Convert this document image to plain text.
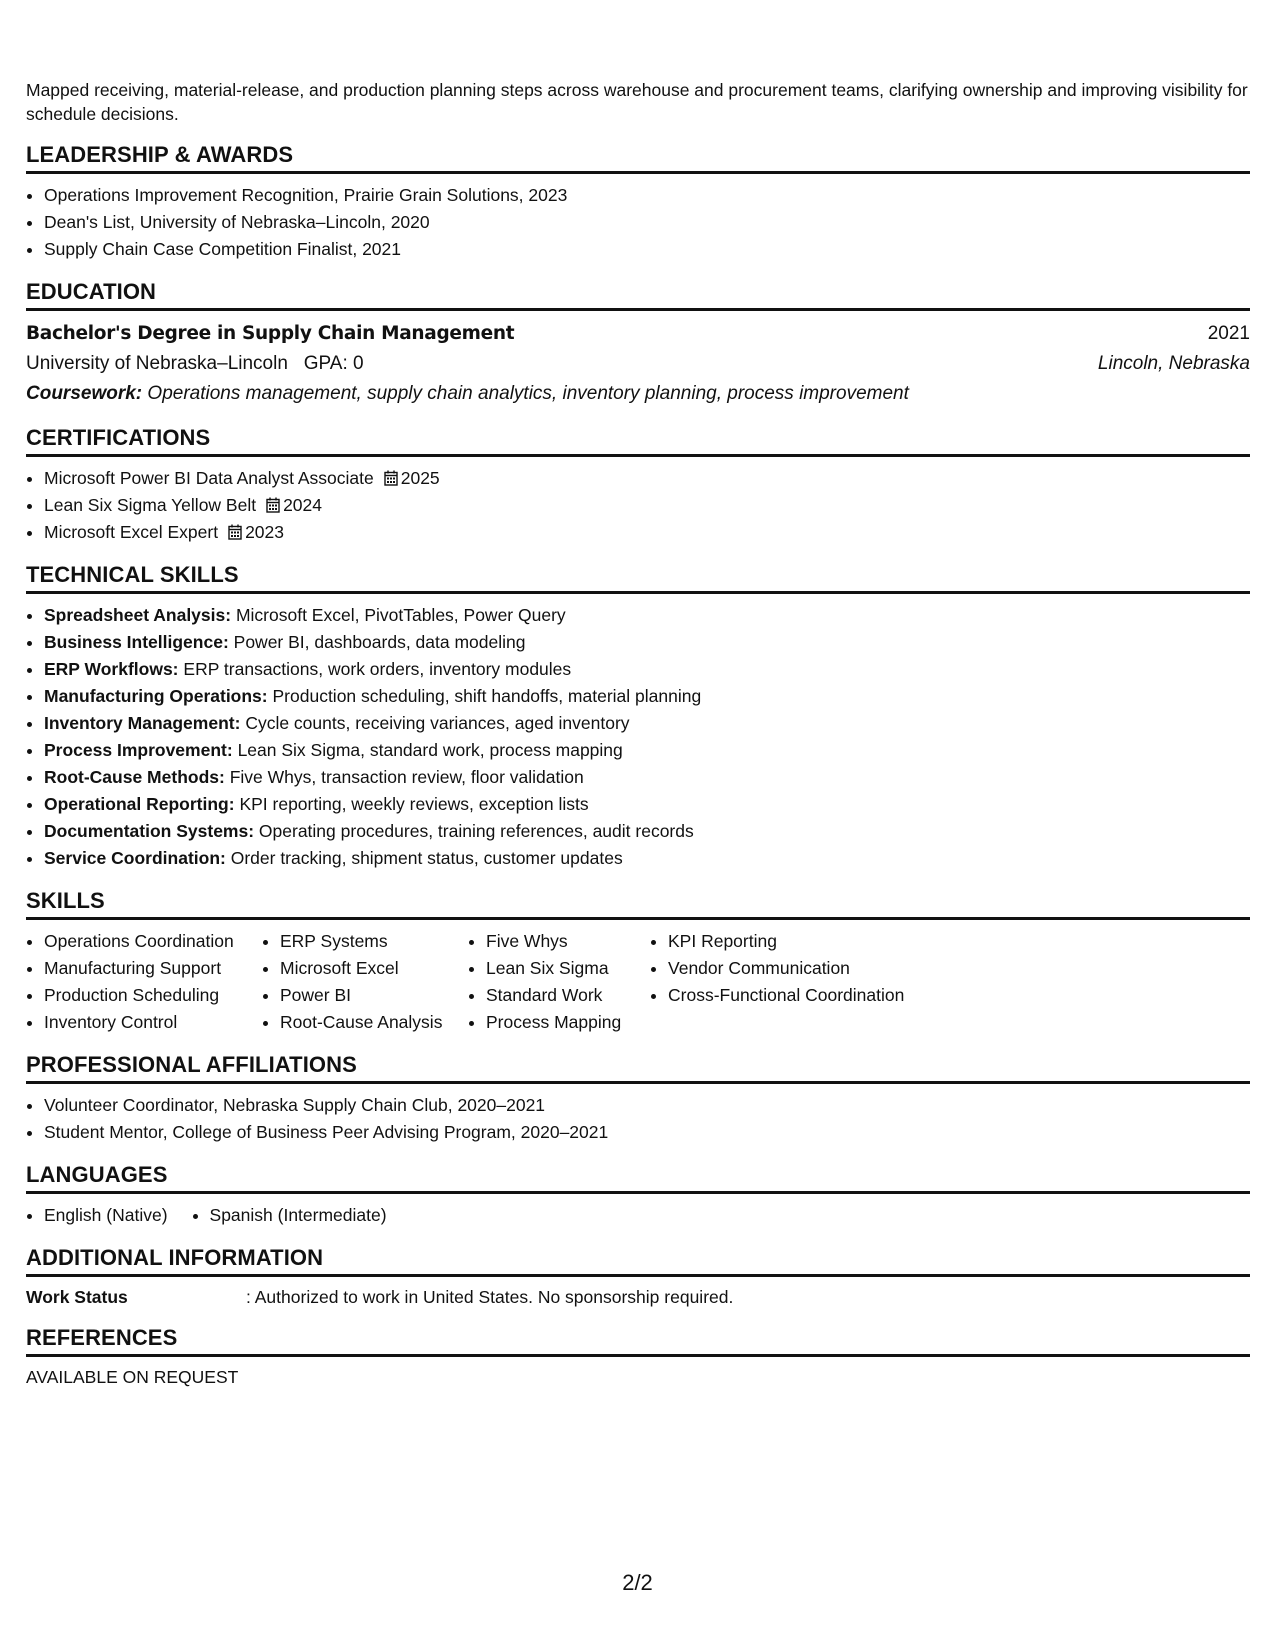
Mapped receiving, material-release, and production planning steps across warehouse and procurement teams, clarifying ownership and improving visibility for schedule decisions.

LEADERSHIP & AWARDS
• Operations Improvement Recognition, Prairie Grain Solutions, 2023
• Dean's List, University of Nebraska–Lincoln, 2020
• Supply Chain Case Competition Finalist, 2021
EDUCATION
Bachelor's Degree in Supply Chain Management	2021
University of Nebraska–Lincoln GPA: 0	Lincoln, Nebraska
Coursework: Operations management, supply chain analytics, inventory planning, process improvement
CERTIFICATIONS
• Microsoft Power BI Data Analyst Associate 2025
• Lean Six Sigma Yellow Belt 2024
• Microsoft Excel Expert 2023
TECHNICAL SKILLS
• Spreadsheet Analysis: Microsoft Excel, PivotTables, Power Query
• Business Intelligence: Power BI, dashboards, data modeling
• ERP Workflows: ERP transactions, work orders, inventory modules
• Manufacturing Operations: Production scheduling, shift handoffs, material planning
• Inventory Management: Cycle counts, receiving variances, aged inventory
• Process Improvement: Lean Six Sigma, standard work, process mapping
• Root-Cause Methods: Five Whys, transaction review, floor validation
• Operational Reporting: KPI reporting, weekly reviews, exception lists
• Documentation Systems: Operating procedures, training references, audit records
• Service Coordination: Order tracking, shipment status, customer updates
SKILLS
• Operations Coordination
• Manufacturing Support
• Production Scheduling
• Inventory Control
• ERP Systems
• Microsoft Excel
• Power BI
• Root-Cause Analysis
• Five Whys
• Lean Six Sigma
• Standard Work
• Process Mapping
• KPI Reporting
• Vendor Communication
• Cross-Functional Coordination
PROFESSIONAL AFFILIATIONS
• Volunteer Coordinator, Nebraska Supply Chain Club, 2020–2021
• Student Mentor, College of Business Peer Advising Program, 2020–2021
LANGUAGES
• English (Native)
• Spanish (Intermediate)
ADDITIONAL INFORMATION
Work Status	: Authorized to work in United States. No sponsorship required.
REFERENCES
AVAILABLE ON REQUEST
2/2
